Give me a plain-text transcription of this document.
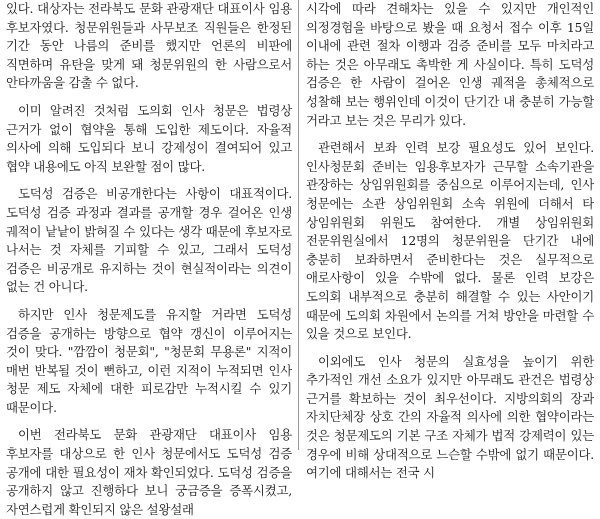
있다. 대상자는 전라북도 문화 관광재단 대표이사 임용 후보자였다. 청문위원들과 사무보조 직원들은 한정된 기간 동안 나름의 준비를 했지만 언론의 비판에 직면하며 유탄을 맞게 돼 청문위원의 한 사람으로서 안타까움을 감출 수 없다.

이미 알려진 것처럼 도의회 인사 청문은 법령상 근거가 없이 협약을 통해 도입한 제도이다. 자율적 의사에 의해 도입되다 보니 강제성이 결여되어 있고 협약 내용에도 아직 보완할 점이 많다.

도덕성 검증은 비공개한다는 사항이 대표적이다. 도덕성 검증 과정과 결과를 공개할 경우 걸어온 인생 궤적이 낱낱이 밝혀질 수 있다는 생각 때문에 후보자로 나서는 것 자체를 기피할 수 있고, 그래서 도덕성 검증은 비공개로 유지하는 것이 현실적이라는 의견이 없는 건 아니다.

하지만 인사 청문제도를 유지할 거라면 도덕성 검증을 공개하는 방향으로 협약 갱신이 이루어지는 것이 맞다. "깜깜이 청문회", "청문회 무용론" 지적이 매번 반복될 것이 뻔하고, 이런 지적이 누적되면 인사 청문 제도 자체에 대한 피로감만 누적시킬 수 있기 때문이다.

이번 전라북도 문화 관광재단 대표이사 임용 후보자를 대상으로 한 인사 청문에서도 도덕성 검증 공개에 대한 필요성이 재차 확인되었다. 도덕성 검증을 공개하지 않고 진행하다 보니 궁금증을 증폭시켰고, 자연스럽게 확인되지 않은 설왕설래

시각에 따라 견해차는 있을 수 있지만 개인적인 의정경험을 바탕으로 봤을 때 요청서 접수 이후 15일 이내에 관련 절차 이행과 검증 준비를 모두 마치라고 하는 것은 아무래도 촉박한 게 사실이다. 특히 도덕성 검증은 한 사람이 걸어온 인생 궤적을 총체적으로 성찰해 보는 행위인데 이것이 단기간 내 충분히 가능할 거라고 보는 것은 무리가 있다.

관련해서 보좌 인력 보강 필요성도 있어 보인다. 인사청문회 준비는 임용후보자가 근무할 소속기관을 관장하는 상임위원회를 중심으로 이루어지는데, 인사 청문에는 소관 상임위원회 소속 위원에 더해서 타 상임위원회 위원도 참여한다. 개별 상임위원회 전문위원실에서 12명의 청문위원을 단기간 내에 충분히 보좌하면서 준비한다는 것은 실무적으로 애로사항이 있을 수밖에 없다. 물론 인력 보강은 도의회 내부적으로 충분히 해결할 수 있는 사안이기 때문에 도의회 차원에서 논의를 거쳐 방안을 마련할 수 있을 것으로 보인다.

이외에도 인사 청문의 실효성을 높이기 위한 추가적인 개선 소요가 있지만 아무래도 관건은 법령상 근거를 확보하는 것이 최우선이다. 지방의회의 장과 자치단체장 상호 간의 자율적 의사에 의한 협약이라는 것은 청문제도의 기본 구조 자체가 법적 강제력이 있는 경우에 비해 상대적으로 느슨할 수밖에 없기 때문이다. 여기에 대해서는 전국 시
